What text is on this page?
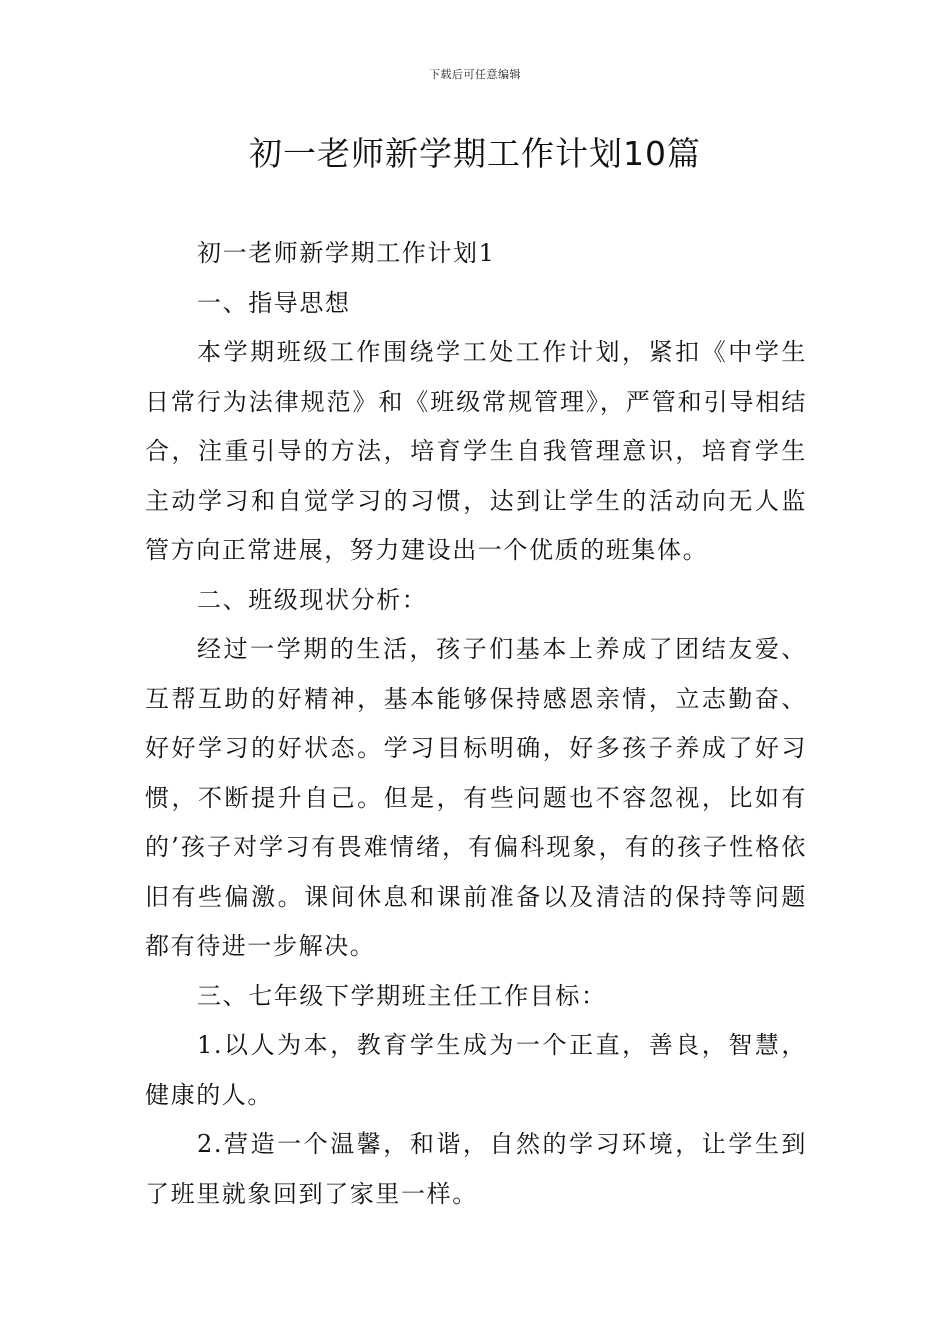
下载后可任意编辑
初一老师新学期工作计划10篇

初一老师新学期工作计划1

一、指导思想

本学期班级工作围绕学工处工作计划，紧扣《中学生日常行为法律规范》和《班级常规管理》，严管和引导相结合，注重引导的方法，培育学生自我管理意识，培育学生主动学习和自觉学习的习惯，达到让学生的活动向无人监管方向正常进展，努力建设出一个优质的班集体。

二、班级现状分析：

经过一学期的生活，孩子们基本上养成了团结友爱、互帮互助的好精神，基本能够保持感恩亲情，立志勤奋、好好学习的好状态。学习目标明确，好多孩子养成了好习惯，不断提升自己。但是，有些问题也不容忽视，比如有的’孩子对学习有畏难情绪，有偏科现象，有的孩子性格依旧有些偏激。课间休息和课前准备以及清洁的保持等问题都有待进一步解决。

三、七年级下学期班主任工作目标：

1.以人为本，教育学生成为一个正直，善良，智慧，健康的人。

2.营造一个温馨，和谐，自然的学习环境，让学生到了班里就象回到了家里一样。
